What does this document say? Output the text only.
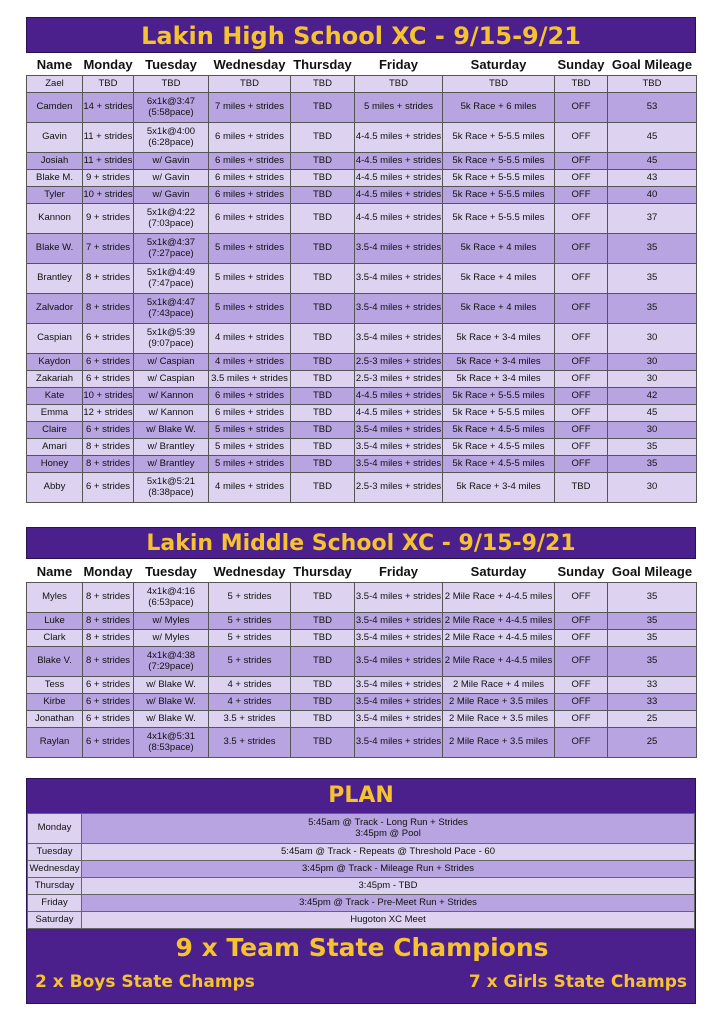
Lakin High School XC - 9/15-9/21
Name	Monday	Tuesday	Wednesday	Thursday	Friday	Saturday	Sunday	Goal Mileage
Zael	TBD	TBD	TBD	TBD	TBD	TBD	TBD	TBD
Camden	14 + strides	6x1k@3:47
(5:58pace)	7 miles + strides	TBD	5 miles + strides	5k Race + 6 miles	OFF	53
Gavin	11 + strides	5x1k@4:00
(6:28pace)	6 miles + strides	TBD	4-4.5 miles + strides	5k Race + 5-5.5 miles	OFF	45
Josiah	11 + strides	w/ Gavin	6 miles + strides	TBD	4-4.5 miles + strides	5k Race + 5-5.5 miles	OFF	45
Blake M.	9 + strides	w/ Gavin	6 miles + strides	TBD	4-4.5 miles + strides	5k Race + 5-5.5 miles	OFF	43
Tyler	10 + strides	w/ Gavin	6 miles + strides	TBD	4-4.5 miles + strides	5k Race + 5-5.5 miles	OFF	40
Kannon	9 + strides	5x1k@4:22
(7:03pace)	6 miles + strides	TBD	4-4.5 miles + strides	5k Race + 5-5.5 miles	OFF	37
Blake W.	7 + strides	5x1k@4:37
(7:27pace)	5 miles + strides	TBD	3.5-4 miles + strides	5k Race + 4 miles	OFF	35
Brantley	8 + strides	5x1k@4:49
(7:47pace)	5 miles + strides	TBD	3.5-4 miles + strides	5k Race + 4 miles	OFF	35
Zalvador	8 + strides	5x1k@4:47
(7:43pace)	5 miles + strides	TBD	3.5-4 miles + strides	5k Race + 4 miles	OFF	35
Caspian	6 + strides	5x1k@5:39
(9:07pace)	4 miles + strides	TBD	3.5-4 miles + strides	5k Race + 3-4 miles	OFF	30
Kaydon	6 + strides	w/ Caspian	4 miles + strides	TBD	2.5-3 miles + strides	5k Race + 3-4 miles	OFF	30
Zakariah	6 + strides	w/ Caspian	3.5 miles + strides	TBD	2.5-3 miles + strides	5k Race + 3-4 miles	OFF	30
Kate	10 + strides	w/ Kannon	6 miles + strides	TBD	4-4.5 miles + strides	5k Race + 5-5.5 miles	OFF	42
Emma	12 + strides	w/ Kannon	6 miles + strides	TBD	4-4.5 miles + strides	5k Race + 5-5.5 miles	OFF	45
Claire	6 + strides	w/ Blake W.	5 miles + strides	TBD	3.5-4 miles + strides	5k Race + 4.5-5 miles	OFF	30
Amari	8 + strides	w/ Brantley	5 miles + strides	TBD	3.5-4 miles + strides	5k Race + 4.5-5 miles	OFF	35
Honey	8 + strides	w/ Brantley	5 miles + strides	TBD	3.5-4 miles + strides	5k Race + 4.5-5 miles	OFF	35
Abby	6 + strides	5x1k@5:21
(8:38pace)	4 miles + strides	TBD	2.5-3 miles + strides	5k Race + 3-4 miles	TBD	30
Lakin Middle School XC - 9/15-9/21
Name	Monday	Tuesday	Wednesday	Thursday	Friday	Saturday	Sunday	Goal Mileage
Myles	8 + strides	4x1k@4:16
(6:53pace)	5 + strides	TBD	3.5-4 miles + strides	2 Mile Race + 4-4.5 miles	OFF	35
Luke	8 + strides	w/ Myles	5 + strides	TBD	3.5-4 miles + strides	2 Mile Race + 4-4.5 miles	OFF	35
Clark	8 + strides	w/ Myles	5 + strides	TBD	3.5-4 miles + strides	2 Mile Race + 4-4.5 miles	OFF	35
Blake V.	8 + strides	4x1k@4:38
(7:29pace)	5 + strides	TBD	3.5-4 miles + strides	2 Mile Race + 4-4.5 miles	OFF	35
Tess	6 + strides	w/ Blake W.	4 + strides	TBD	3.5-4 miles + strides	2 Mile Race + 4 miles	OFF	33
Kirbe	6 + strides	w/ Blake W.	4 + strides	TBD	3.5-4 miles + strides	2 Mile Race + 3.5 miles	OFF	33
Jonathan	6 + strides	w/ Blake W.	3.5 + strides	TBD	3.5-4 miles + strides	2 Mile Race + 3.5 miles	OFF	25
Raylan	6 + strides	4x1k@5:31
(8:53pace)	3.5 + strides	TBD	3.5-4 miles + strides	2 Mile Race + 3.5 miles	OFF	25
PLAN
Monday	5:45am @ Track - Long Run + Strides
3:45pm @ Pool
Tuesday	5:45am @ Track - Repeats @ Threshold Pace - 60
Wednesday	3:45pm @ Track - Mileage Run + Strides
Thursday	3:45pm - TBD
Friday	3:45pm @ Track - Pre-Meet Run + Strides
Saturday	Hugoton XC Meet
9 x Team State Champions
2 x Boys State Champs	7 x Girls State Champs
